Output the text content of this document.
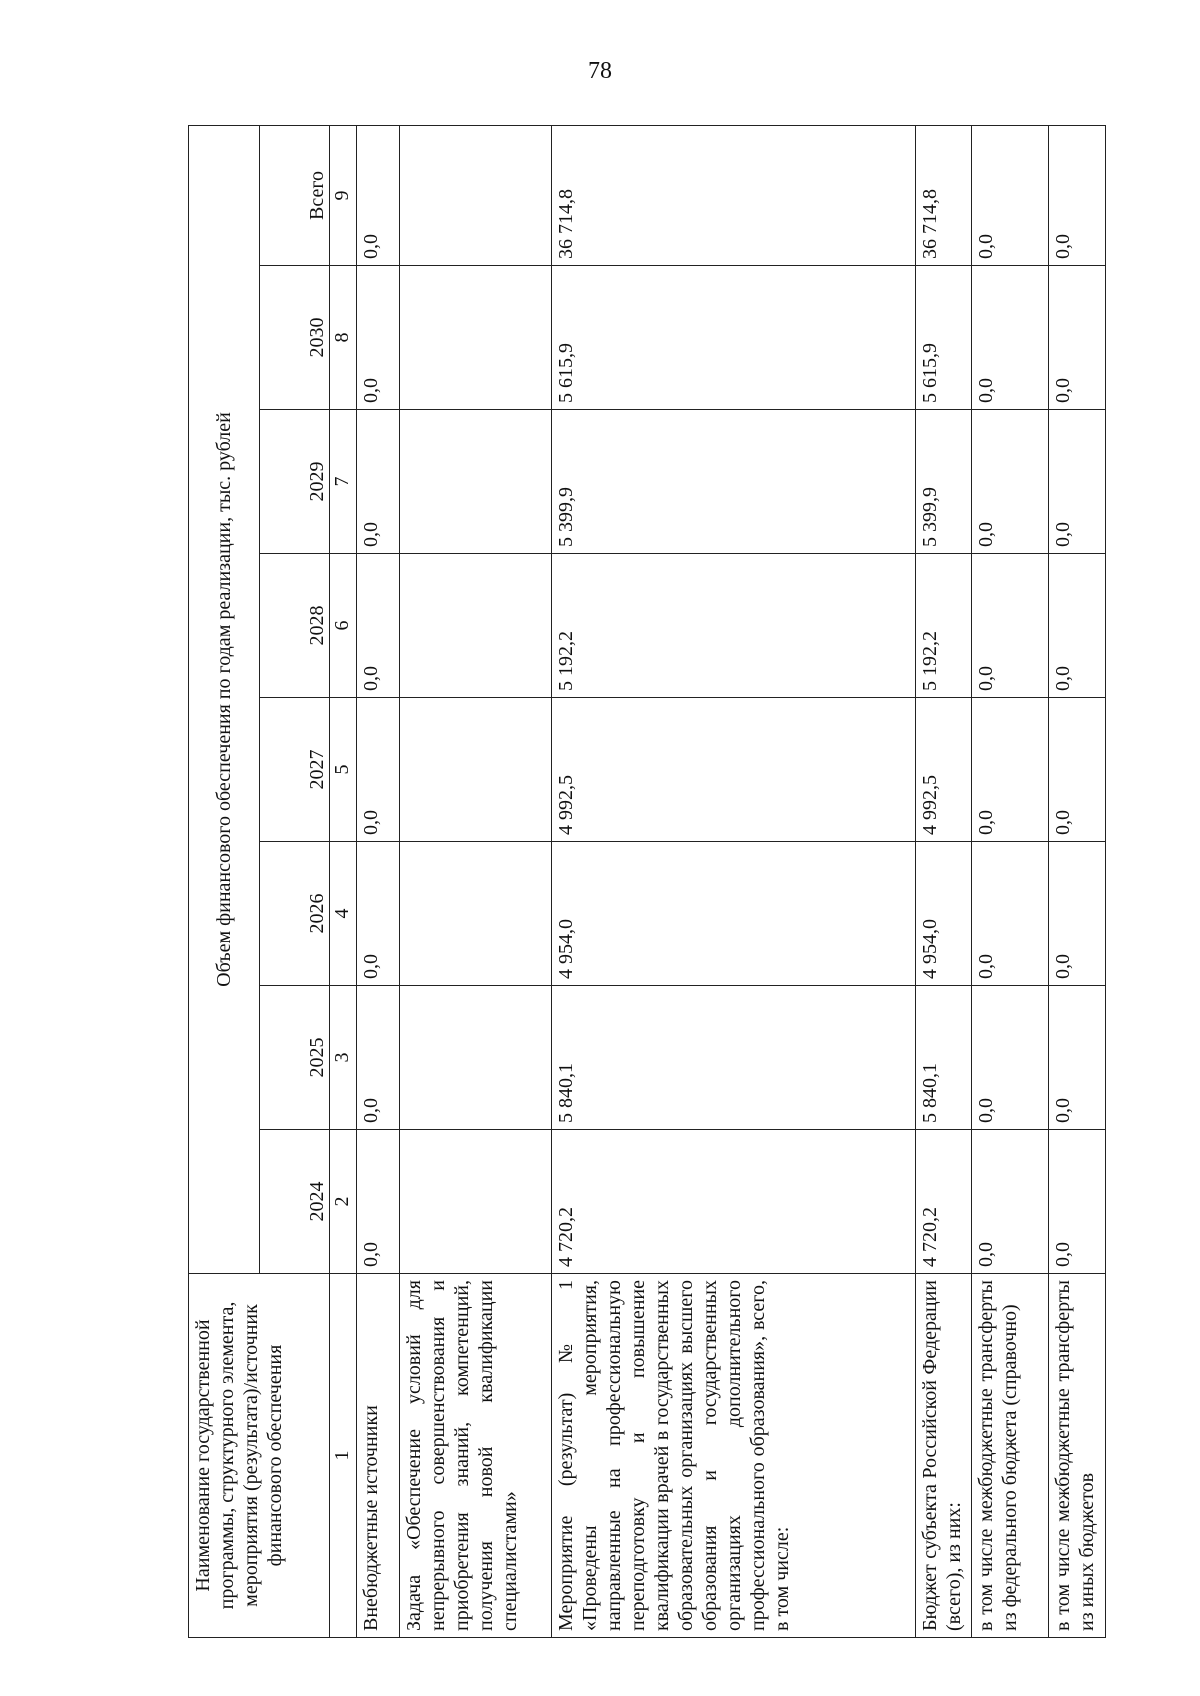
78
Наименование государственной программы, структурного элемента, мероприятия (результата)/источник финансового обеспечения	Объем финансового обеспечения по годам реализации, тыс. рублей							
	2024	2025	2026	2027	2028	2029	2030	Всего
1	2	3	4	5	6	7	8	9
Внебюджетные источники	0,0	0,0	0,0	0,0	0,0	0,0	0,0	0,0
Задача «Обеспечение условий для непрерывного совершенствования и приобретения знаний, компетенций, получения новой квалификации специалистами»								
Мероприятие (результат) № 1 «Проведены мероприятия, направленные на профессиональную переподготовку и повышение квалификации врачей в государственных образовательных организациях высшего образования и государственных организациях дополнительного профессионального образования», всего, в том числе:	4 720,2	5 840,1	4 954,0	4 992,5	5 192,2	5 399,9	5 615,9	36 714,8
Бюджет субъекта Российской Федерации (всего), из них:	4 720,2	5 840,1	4 954,0	4 992,5	5 192,2	5 399,9	5 615,9	36 714,8
в том числе межбюджетные трансферты из федерального бюджета (справочно)	0,0	0,0	0,0	0,0	0,0	0,0	0,0	0,0
в том числе межбюджетные трансферты из иных бюджетов	0,0	0,0	0,0	0,0	0,0	0,0	0,0	0,0
